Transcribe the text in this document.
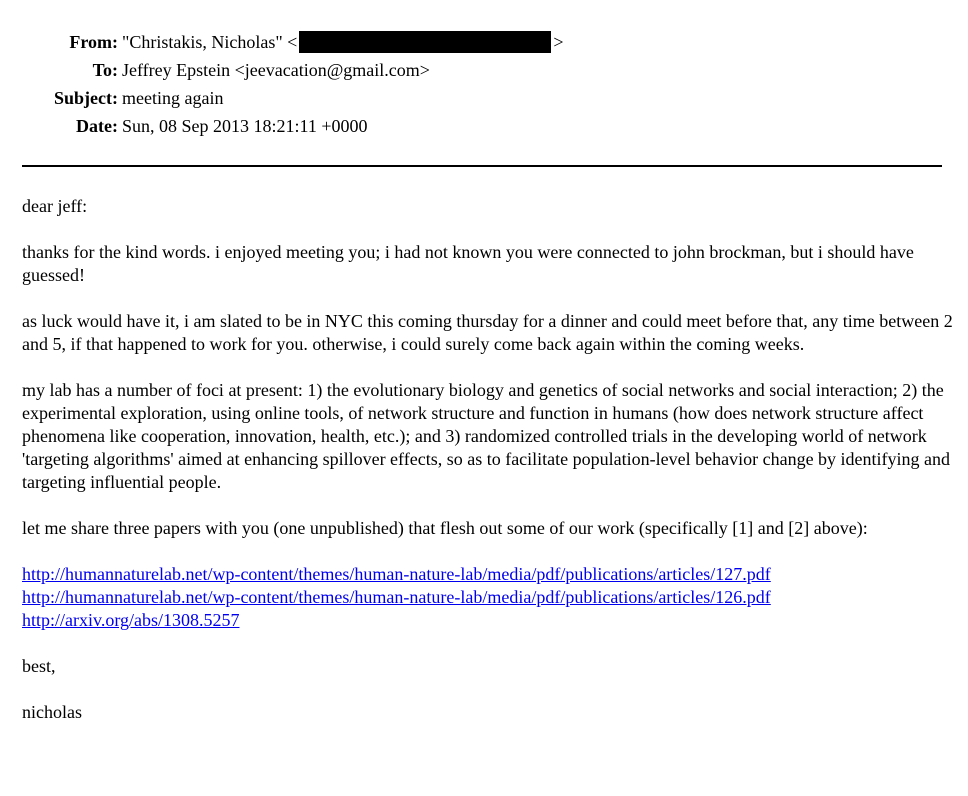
From: "Christakis, Nicholas" <	>
To: Jeffrey Epstein <jeevacation@gmail.com>
Subject: meeting again
Date: Sun, 08 Sep 2013 18:21:11 +0000

dear jeff:

thanks for the kind words. i enjoyed meeting you; i had not known you were connected to john brockman, but i should have guessed!

as luck would have it, i am slated to be in NYC this coming thursday for a dinner and could meet before that, any time between 2 and 5, if that happened to work for you. otherwise, i could surely come back again within the coming weeks.

my lab has a number of foci at present: 1) the evolutionary biology and genetics of social networks and social interaction; 2) the experimental exploration, using online tools, of network structure and function in humans (how does network structure affect phenomena like cooperation, innovation, health, etc.); and 3) randomized controlled trials in the developing world of network 'targeting algorithms' aimed at enhancing spillover effects, so as to facilitate population-level behavior change by identifying and targeting influential people.

let me share three papers with you (one unpublished) that flesh out some of our work (specifically [1] and [2] above):

http://humannaturelab.net/wp-content/themes/human-nature-lab/media/pdf/publications/articles/127.pdf
http://humannaturelab.net/wp-content/themes/human-nature-lab/media/pdf/publications/articles/126.pdf
http://arxiv.org/abs/1308.5257

best,

nicholas
